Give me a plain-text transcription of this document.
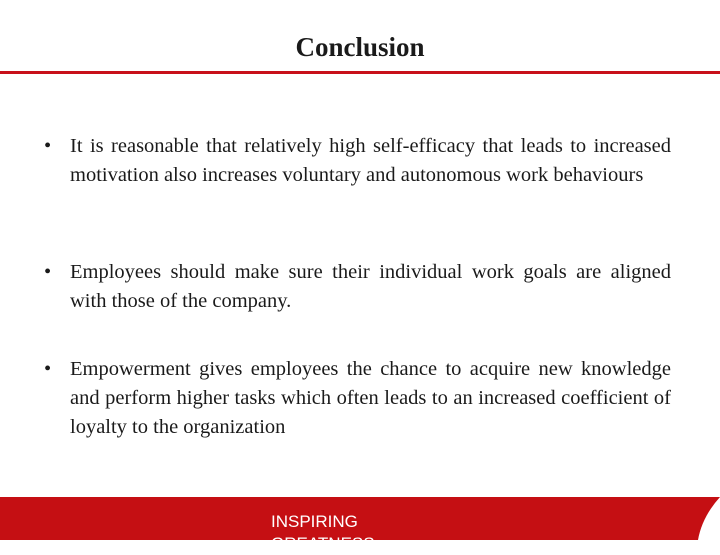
Conclusion
• It is reasonable that relatively high self-efficacy that leads to increased motivation also increases voluntary and autonomous work behaviours
• Employees should make sure their individual work goals are aligned with those of the company.
• Empowerment gives employees the chance to acquire new knowledge and perform higher tasks which often leads to an increased coefficient of loyalty to the organization
INSPIRING
GREATNESS
